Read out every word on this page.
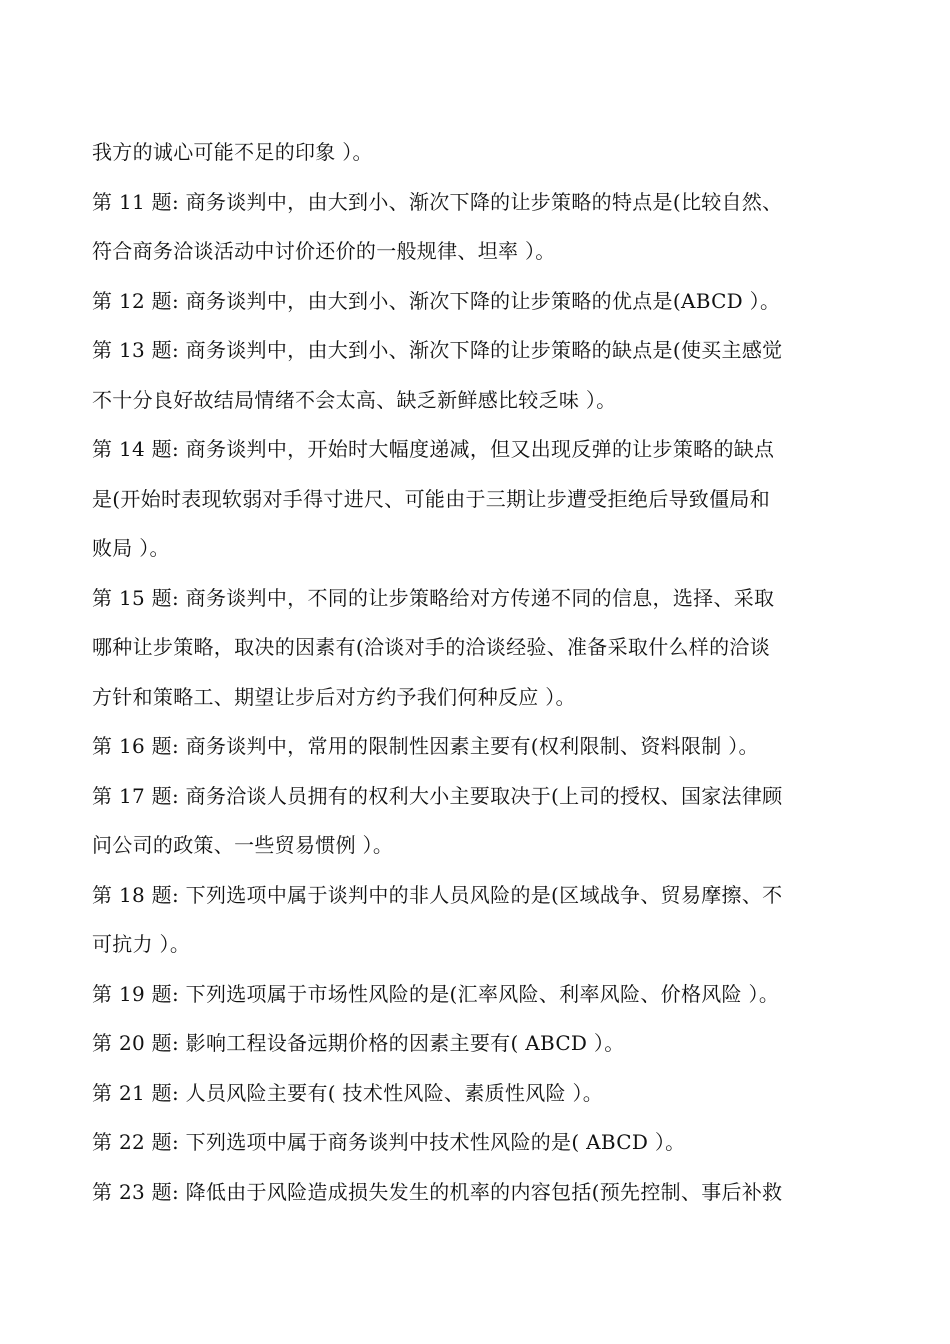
我方的诚心可能不足的印象 ）。
第 11 题: 商务谈判中，由大到小、渐次下降的让步策略的特点是(比较自然、
符合商务洽谈活动中讨价还价的一般规律、坦率 ）。
第 12 题: 商务谈判中，由大到小、渐次下降的让步策略的优点是(ABCD ）。
第 13 题: 商务谈判中，由大到小、渐次下降的让步策略的缺点是(使买主感觉
不十分良好故结局情绪不会太高、缺乏新鲜感比较乏味 ）。
第 14 题: 商务谈判中，开始时大幅度递减，但又出现反弹的让步策略的缺点
是(开始时表现软弱对手得寸进尺、可能由于三期让步遭受拒绝后导致僵局和
败局 ）。
第 15 题: 商务谈判中，不同的让步策略给对方传递不同的信息，选择、采取
哪种让步策略，取决的因素有(洽谈对手的洽谈经验、准备采取什么样的洽谈
方针和策略工、期望让步后对方约予我们何种反应 ）。
第 16 题: 商务谈判中，常用的限制性因素主要有(权利限制、资料限制 ）。
第 17 题: 商务洽谈人员拥有的权利大小主要取决于(上司的授权、国家法律顾
问公司的政策、一些贸易惯例 ）。
第 18 题: 下列选项中属于谈判中的非人员风险的是(区域战争、贸易摩擦、不
可抗力 ）。
第 19 题: 下列选项属于市场性风险的是(汇率风险、利率风险、价格风险 ）。
第 20 题: 影响工程设备远期价格的因素主要有( ABCD ）。
第 21 题: 人员风险主要有( 技术性风险、素质性风险 ）。
第 22 题: 下列选项中属于商务谈判中技术性风险的是( ABCD ）。
第 23 题: 降低由于风险造成损失发生的机率的内容包括(预先控制、事后补救
